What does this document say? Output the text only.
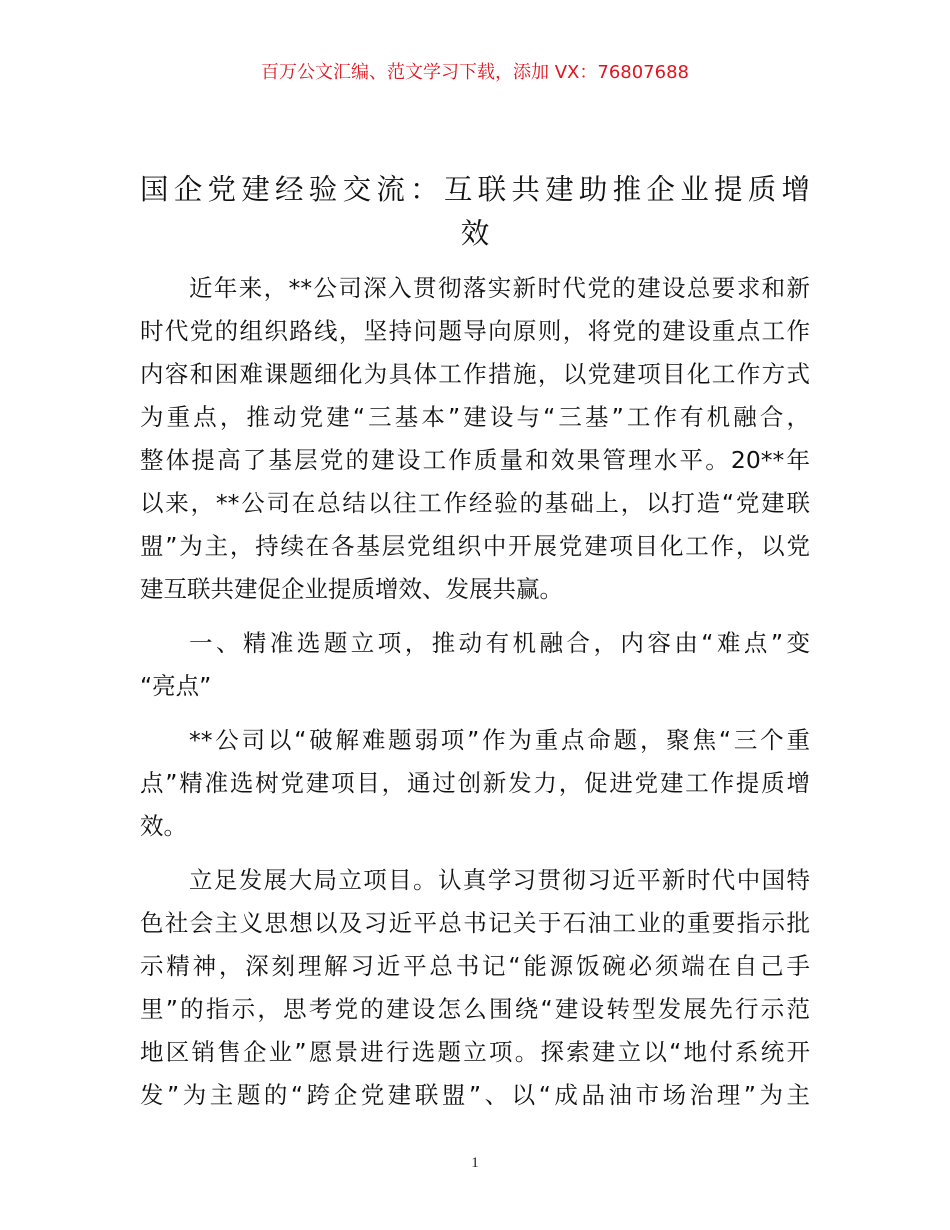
百万公文汇编、范文学习下载，添加 VX：76807688
国企党建经验交流：互联共建助推企业提质增
效
近年来，**公司深入贯彻落实新时代党的建设总要求和新
时代党的组织路线，坚持问题导向原则，将党的建设重点工作
内容和困难课题细化为具体工作措施，以党建项目化工作方式
为重点，推动党建“三基本”建设与“三基”工作有机融合，
整体提高了基层党的建设工作质量和效果管理水平。20**年
以来，**公司在总结以往工作经验的基础上，以打造“党建联
盟”为主，持续在各基层党组织中开展党建项目化工作，以党
建互联共建促企业提质增效、发展共赢。
一、精准选题立项，推动有机融合，内容由“难点”变
“亮点”
**公司以“破解难题弱项”作为重点命题，聚焦“三个重
点”精准选树党建项目，通过创新发力，促进党建工作提质增
效。
立足发展大局立项目。认真学习贯彻习近平新时代中国特
色社会主义思想以及习近平总书记关于石油工业的重要指示批
示精神，深刻理解习近平总书记“能源饭碗必须端在自己手
里”的指示，思考党的建设怎么围绕“建设转型发展先行示范
地区销售企业”愿景进行选题立项。探索建立以“地付系统开
发”为主题的“跨企党建联盟”、以“成品油市场治理”为主
1
